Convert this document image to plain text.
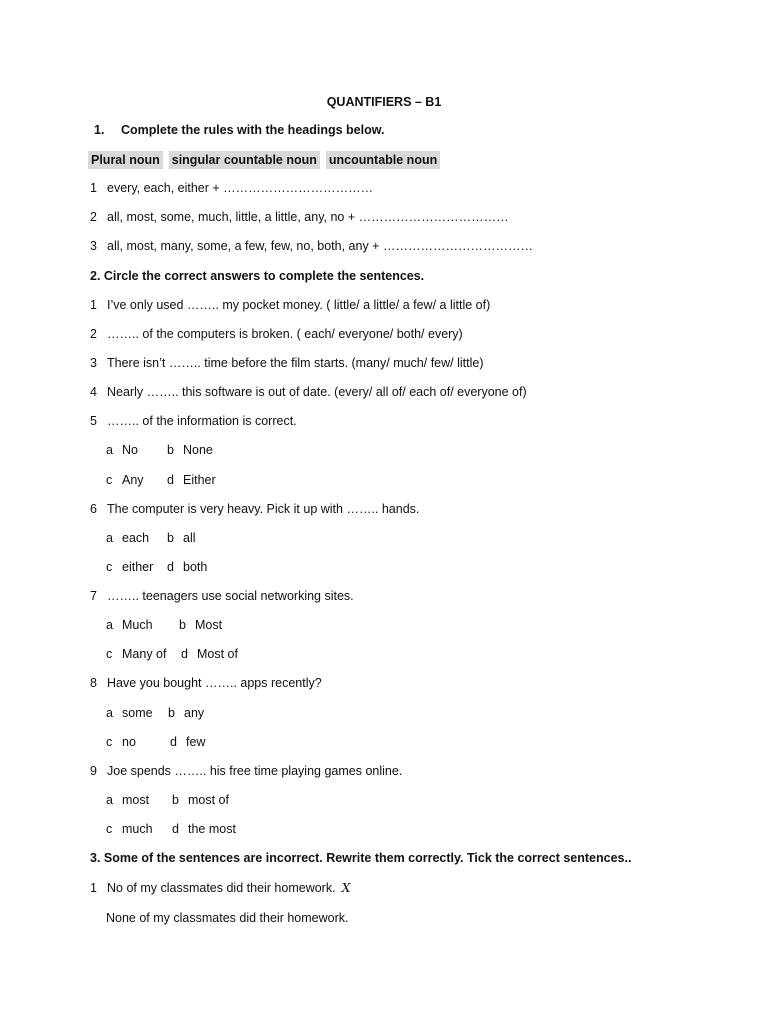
QUANTIFIERS – B1
1. Complete the rules with the headings below.
Plural noun singular countable noun uncountable noun
1 every, each, either + ………………………………
2 all, most, some, much, little, a little, any, no + ………………………………
3 all, most, many, some, a few, few, no, both, any + ………………………………
2. Circle the correct answers to complete the sentences.
1 I’ve only used …….. my pocket money. ( little/ a little/ a few/ a little of)
2 …….. of the computers is broken. ( each/ everyone/ both/ every)
3 There isn’t …….. time before the film starts. (many/ much/ few/ little)
4 Nearly …….. this software is out of date. (every/ all of/ each of/ everyone of)
5 …….. of the information is correct.
a No b None
c Any d Either
6 The computer is very heavy. Pick it up with …….. hands.
a each b all
c either d both
7 …….. teenagers use social networking sites.
a Much b Most
c Many of d Most of
8 Have you bought …….. apps recently?
a some b any
c no	d few
9 Joe spends …….. his free time playing games online.
a most b most of
c much d the most
3. Some of the sentences are incorrect. Rewrite them correctly. Tick the correct sentences..
1 No of my classmates did their homework. X
None of my classmates did their homework.
